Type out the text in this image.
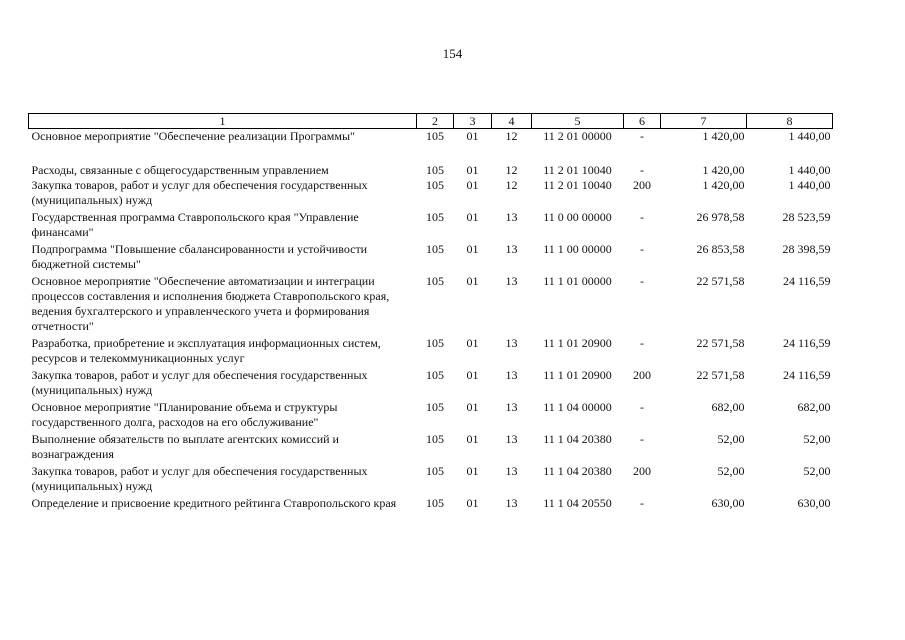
154
1	2	3	4	5	6	7	8
Основное мероприятие "Обеспечение реализации Программы"	105	01	12	11 2 01 00000	-	1 420,00	1 440,00
Расходы, связанные с общегосударственным управлением	105	01	12	11 2 01 10040	-	1 420,00	1 440,00
Закупка товаров, работ и услуг для обеспечения государственных (муниципальных) нужд	105	01	12	11 2 01 10040	200	1 420,00	1 440,00
Государственная программа Ставропольского края "Управление финансами"	105	01	13	11 0 00 00000	-	26 978,58	28 523,59
Подпрограмма "Повышение сбалансированности и устойчивости бюджетной системы"	105	01	13	11 1 00 00000	-	26 853,58	28 398,59
Основное мероприятие "Обеспечение автоматизации и интеграции процессов составления и исполнения бюджета Ставропольского края, ведения бухгалтерского и управленческого учета и формирования отчетности"	105	01	13	11 1 01 00000	-	22 571,58	24 116,59
Разработка, приобретение и эксплуатация информационных систем, ресурсов и телекоммуникационных услуг	105	01	13	11 1 01 20900	-	22 571,58	24 116,59
Закупка товаров, работ и услуг для обеспечения государственных (муниципальных) нужд	105	01	13	11 1 01 20900	200	22 571,58	24 116,59
Основное мероприятие "Планирование объема и структуры государственного долга, расходов на его обслуживание"	105	01	13	11 1 04 00000	-	682,00	682,00
Выполнение обязательств по выплате агентских комиссий и вознаграждения	105	01	13	11 1 04 20380	-	52,00	52,00
Закупка товаров, работ и услуг для обеспечения государственных (муниципальных) нужд	105	01	13	11 1 04 20380	200	52,00	52,00
Определение и присвоение кредитного рейтинга Ставропольского края	105	01	13	11 1 04 20550	-	630,00	630,00
